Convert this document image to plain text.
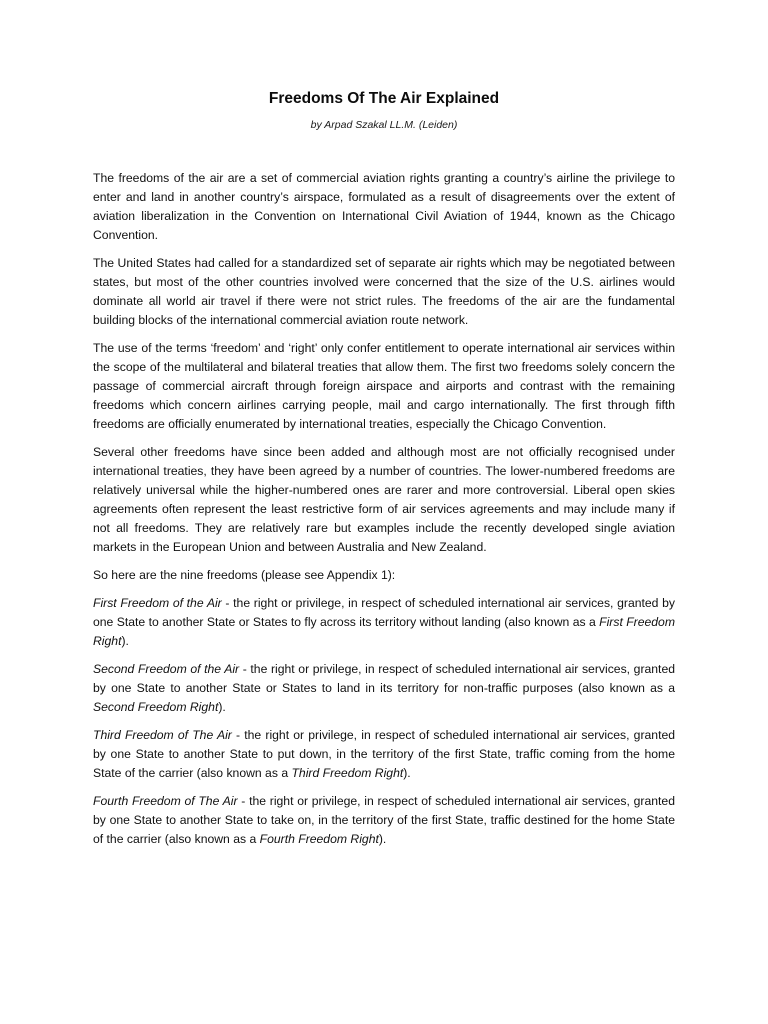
Freedoms Of The Air Explained

by Arpad Szakal LL.M. (Leiden)

The freedoms of the air are a set of commercial aviation rights granting a country’s airline the privilege to enter and land in another country’s airspace, formulated as a result of disagreements over the extent of aviation liberalization in the Convention on International Civil Aviation of 1944, known as the Chicago Convention.

The United States had called for a standardized set of separate air rights which may be negotiated between states, but most of the other countries involved were concerned that the size of the U.S. airlines would dominate all world air travel if there were not strict rules. The freedoms of the air are the fundamental building blocks of the international commercial aviation route network.

The use of the terms ‘freedom’ and ‘right’ only confer entitlement to operate international air services within the scope of the multilateral and bilateral treaties that allow them. The first two freedoms solely concern the passage of commercial aircraft through foreign airspace and airports and contrast with the remaining freedoms which concern airlines carrying people, mail and cargo internationally. The first through fifth freedoms are officially enumerated by international treaties, especially the Chicago Convention.

Several other freedoms have since been added and although most are not officially recognised under international treaties, they have been agreed by a number of countries. The lower-numbered freedoms are relatively universal while the higher-numbered ones are rarer and more controversial. Liberal open skies agreements often represent the least restrictive form of air services agreements and may include many if not all freedoms. They are relatively rare but examples include the recently developed single aviation markets in the European Union and between Australia and New Zealand.

So here are the nine freedoms (please see Appendix 1):

First Freedom of the Air - the right or privilege, in respect of scheduled international air services, granted by one State to another State or States to fly across its territory without landing (also known as a First Freedom Right).

Second Freedom of the Air - the right or privilege, in respect of scheduled international air services, granted by one State to another State or States to land in its territory for non-traffic purposes (also known as a Second Freedom Right).

Third Freedom of The Air - the right or privilege, in respect of scheduled international air services, granted by one State to another State to put down, in the territory of the first State, traffic coming from the home State of the carrier (also known as a Third Freedom Right).

Fourth Freedom of The Air - the right or privilege, in respect of scheduled international air services, granted by one State to another State to take on, in the territory of the first State, traffic destined for the home State of the carrier (also known as a Fourth Freedom Right).
